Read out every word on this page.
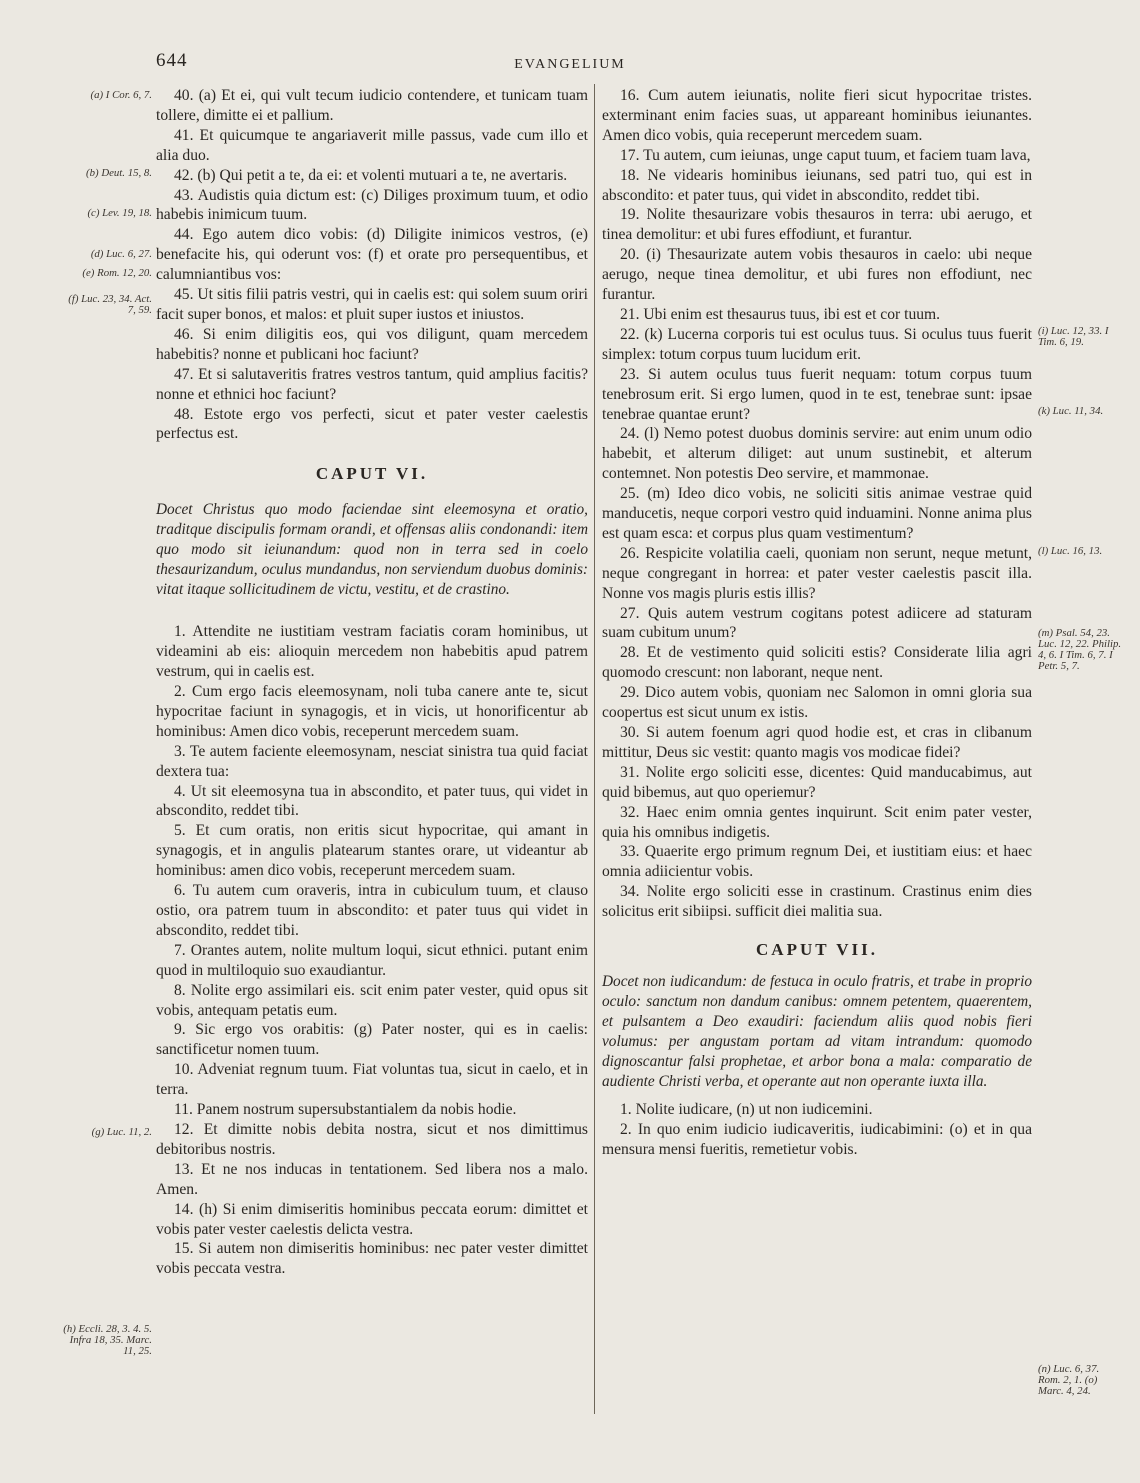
644	EVANGELIUM

40. (a) Et ei, qui vult tecum iudicio contendere, et tunicam tuam tollere, dimitte ei et pallium.

41. Et quicumque te angariaverit mille passus, vade cum illo et alia duo.

42. (b) Qui petit a te, da ei: et volenti mutuari a te, ne avertaris.

43. Audistis quia dictum est: (c) Diliges proximum tuum, et odio habebis inimicum tuum.

44. Ego autem dico vobis: (d) Diligite inimicos vestros, (e) benefacite his, qui oderunt vos: (f) et orate pro persequentibus, et calumniantibus vos:

45. Ut sitis filii patris vestri, qui in caelis est: qui solem suum oriri facit super bonos, et malos: et pluit super iustos et iniustos.

46. Si enim diligitis eos, qui vos diligunt, quam mercedem habebitis? nonne et publicani hoc faciunt?

47. Et si salutaveritis fratres vestros tantum, quid amplius facitis? nonne et ethnici hoc faciunt?

48. Estote ergo vos perfecti, sicut et pater vester caelestis perfectus est.

CAPUT VI.

Docet Christus quo modo faciendae sint eleemosyna et oratio, traditque discipulis formam orandi, et offensas aliis condonandi: item quo modo sit ieiunandum: quod non in terra sed in coelo thesaurizandum, oculus mundandus, non serviendum duobus dominis: vitat itaque sollicitudinem de victu, vestitu, et de crastino.

1. Attendite ne iustitiam vestram faciatis coram hominibus, ut videamini ab eis: alioquin mercedem non habebitis apud patrem vestrum, qui in caelis est.

2. Cum ergo facis eleemosynam, noli tuba canere ante te, sicut hypocritae faciunt in synagogis, et in vicis, ut honorificentur ab hominibus: Amen dico vobis, receperunt mercedem suam.

3. Te autem faciente eleemosynam, nesciat sinistra tua quid faciat dextera tua:

4. Ut sit eleemosyna tua in abscondito, et pater tuus, qui videt in abscondito, reddet tibi.

5. Et cum oratis, non eritis sicut hypocritae, qui amant in synagogis, et in angulis platearum stantes orare, ut videantur ab hominibus: amen dico vobis, receperunt mercedem suam.

6. Tu autem cum oraveris, intra in cubiculum tuum, et clauso ostio, ora patrem tuum in abscondito: et pater tuus qui videt in abscondito, reddet tibi.

7. Orantes autem, nolite multum loqui, sicut ethnici. putant enim quod in multiloquio suo exaudiantur.

8. Nolite ergo assimilari eis. scit enim pater vester, quid opus sit vobis, antequam petatis eum.

9. Sic ergo vos orabitis: (g) Pater noster, qui es in caelis: sanctificetur nomen tuum.

10. Adveniat regnum tuum. Fiat voluntas tua, sicut in caelo, et in terra.

11. Panem nostrum supersubstantialem da nobis hodie.

12. Et dimitte nobis debita nostra, sicut et nos dimittimus debitoribus nostris.

13. Et ne nos inducas in tentationem. Sed libera nos a malo. Amen.

14. (h) Si enim dimiseritis hominibus peccata eorum: dimittet et vobis pater vester caelestis delicta vestra.

15. Si autem non dimiseritis hominibus: nec pater vester dimittet vobis peccata vestra.

(a) I Cor. 6, 7.
(b) Deut. 15, 8.
(c) Lev. 19, 18.
(d) Luc. 6, 27.
(e) Rom. 12, 20.
(f) Luc. 23, 34. Act. 7, 59.
(g) Luc. 11, 2.
(h) Eccli. 28, 3. 4. 5. Infra 18, 35. Marc. 11, 25.

16. Cum autem ieiunatis, nolite fieri sicut hypocritae tristes. exterminant enim facies suas, ut appareant hominibus ieiunantes. Amen dico vobis, quia receperunt mercedem suam.

17. Tu autem, cum ieiunas, unge caput tuum, et faciem tuam lava,

18. Ne videaris hominibus ieiunans, sed patri tuo, qui est in abscondito: et pater tuus, qui videt in abscondito, reddet tibi.

19. Nolite thesaurizare vobis thesauros in terra: ubi aerugo, et tinea demolitur: et ubi fures effodiunt, et furantur.

20. (i) Thesaurizate autem vobis thesauros in caelo: ubi neque aerugo, neque tinea demolitur, et ubi fures non effodiunt, nec furantur.

21. Ubi enim est thesaurus tuus, ibi est et cor tuum.

22. (k) Lucerna corporis tui est oculus tuus. Si oculus tuus fuerit simplex: totum corpus tuum lucidum erit.

23. Si autem oculus tuus fuerit nequam: totum corpus tuum tenebrosum erit. Si ergo lumen, quod in te est, tenebrae sunt: ipsae tenebrae quantae erunt?

24. (l) Nemo potest duobus dominis servire: aut enim unum odio habebit, et alterum diliget: aut unum sustinebit, et alterum contemnet. Non potestis Deo servire, et mammonae.

25. (m) Ideo dico vobis, ne soliciti sitis animae vestrae quid manducetis, neque corpori vestro quid induamini. Nonne anima plus est quam esca: et corpus plus quam vestimentum?

26. Respicite volatilia caeli, quoniam non serunt, neque metunt, neque congregant in horrea: et pater vester caelestis pascit illa. Nonne vos magis pluris estis illis?

27. Quis autem vestrum cogitans potest adiicere ad staturam suam cubitum unum?

28. Et de vestimento quid soliciti estis? Considerate lilia agri quomodo crescunt: non laborant, neque nent.

29. Dico autem vobis, quoniam nec Salomon in omni gloria sua coopertus est sicut unum ex istis.

30. Si autem foenum agri quod hodie est, et cras in clibanum mittitur, Deus sic vestit: quanto magis vos modicae fidei?

31. Nolite ergo soliciti esse, dicentes: Quid manducabimus, aut quid bibemus, aut quo operiemur?

32. Haec enim omnia gentes inquirunt. Scit enim pater vester, quia his omnibus indigetis.

33. Quaerite ergo primum regnum Dei, et iustitiam eius: et haec omnia adiicientur vobis.

34. Nolite ergo soliciti esse in crastinum. Crastinus enim dies solicitus erit sibiipsi. sufficit diei malitia sua.

CAPUT VII.

Docet non iudicandum: de festuca in oculo fratris, et trabe in proprio oculo: sanctum non dandum canibus: omnem petentem, quaerentem, et pulsantem a Deo exaudiri: faciendum aliis quod nobis fieri volumus: per angustam portam ad vitam intrandum: quomodo dignoscantur falsi prophetae, et arbor bona a mala: comparatio de audiente Christi verba, et operante aut non operante iuxta illa.

1. Nolite iudicare, (n) ut non iudicemini.

2. In quo enim iudicio iudicaveritis, iudicabimini: (o) et in qua mensura mensi fueritis, remetietur vobis.

(i) Luc. 12, 33. I Tim. 6, 19.
(k) Luc. 11, 34.
(l) Luc. 16, 13.
(m) Psal. 54, 23. Luc. 12, 22. Philip. 4, 6. I Tim. 6, 7. I Petr. 5, 7.
(n) Luc. 6, 37. Rom. 2, 1. (o) Marc. 4, 24.
